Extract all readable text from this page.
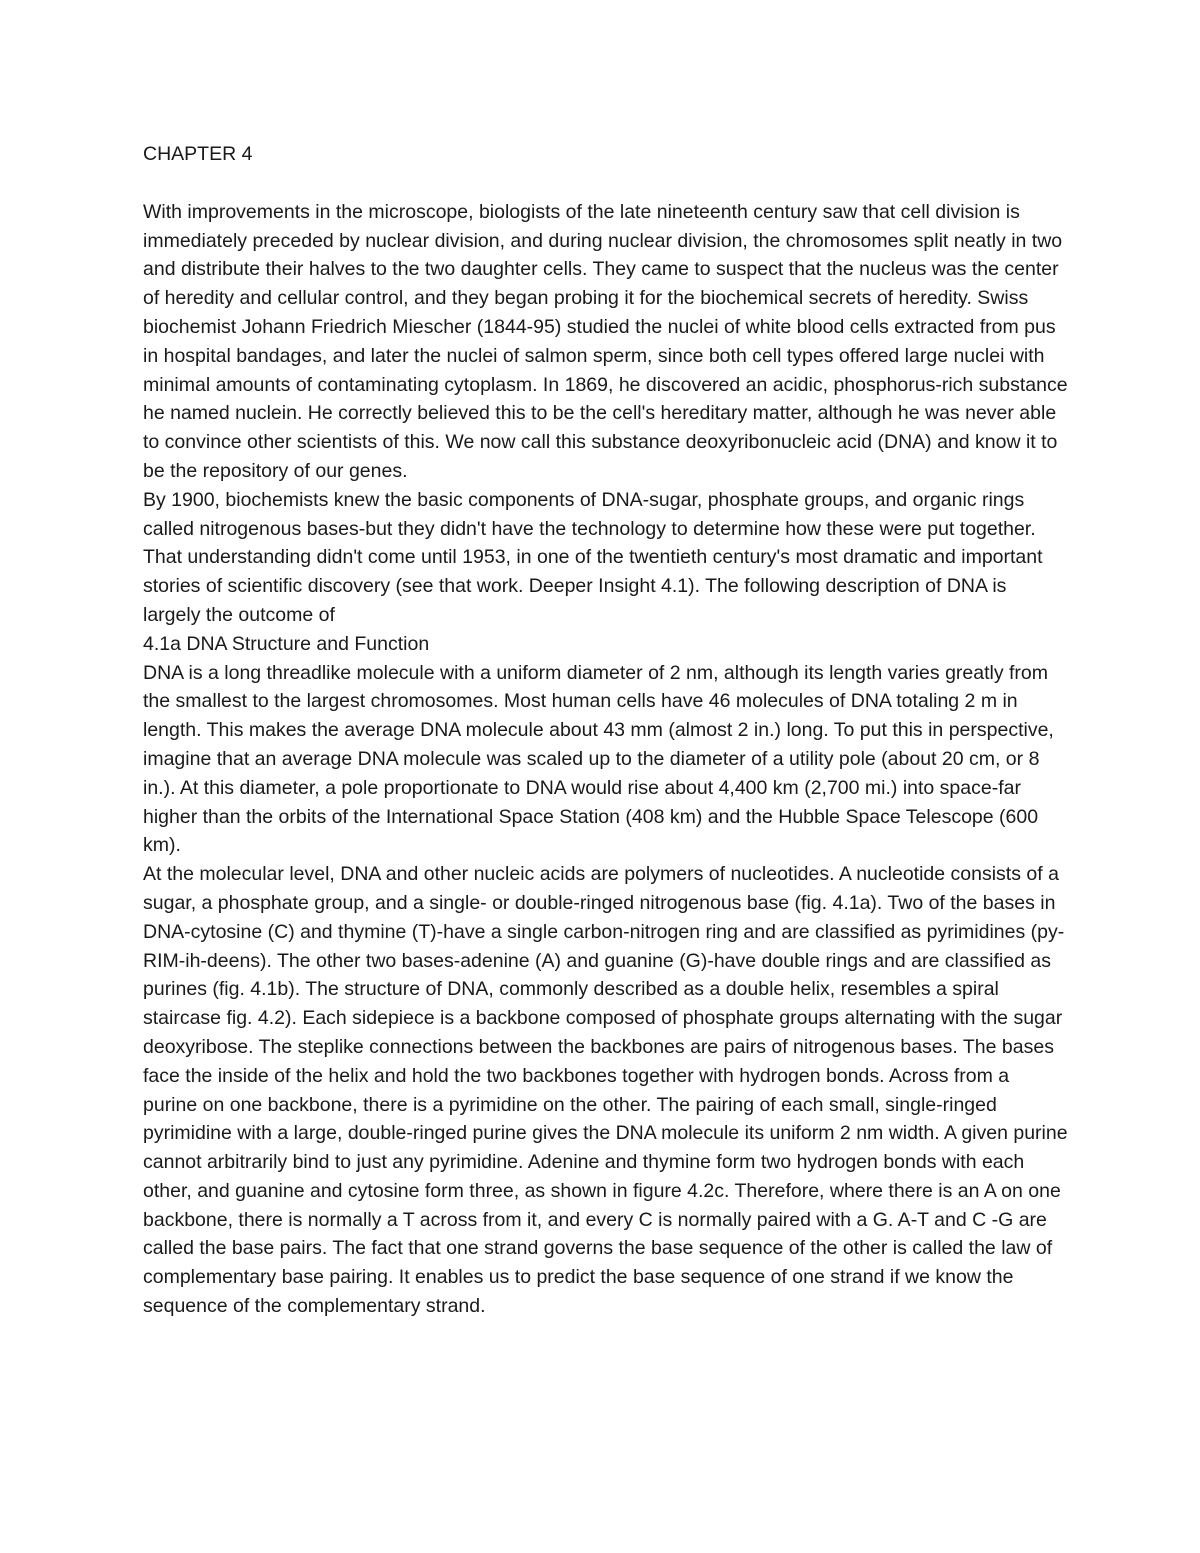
CHAPTER 4

With improvements in the microscope, biologists of the late nineteenth century saw that cell division is immediately preceded by nuclear division, and during nuclear division, the chromosomes split neatly in two and distribute their halves to the two daughter cells. They came to suspect that the nucleus was the center of heredity and cellular control, and they began probing it for the biochemical secrets of heredity. Swiss biochemist Johann Friedrich Miescher (1844-95) studied the nuclei of white blood cells extracted from pus in hospital bandages, and later the nuclei of salmon sperm, since both cell types offered large nuclei with minimal amounts of contaminating cytoplasm. In 1869, he discovered an acidic, phosphorus-rich substance he named nuclein. He correctly believed this to be the cell's hereditary matter, although he was never able to convince other scientists of this. We now call this substance deoxyribonucleic acid (DNA) and know it to be the repository of our genes.

By 1900, biochemists knew the basic components of DNA-sugar, phosphate groups, and organic rings called nitrogenous bases-but they didn't have the technology to determine how these were put together. That understanding didn't come until 1953, in one of the twentieth century's most dramatic and important stories of scientific discovery (see that work. Deeper Insight 4.1). The following description of DNA is largely the outcome of

4.1a DNA Structure and Function

DNA is a long threadlike molecule with a uniform diameter of 2 nm, although its length varies greatly from the smallest to the largest chromosomes. Most human cells have 46 molecules of DNA totaling 2 m in length. This makes the average DNA molecule about 43 mm (almost 2 in.) long. To put this in perspective, imagine that an average DNA molecule was scaled up to the diameter of a utility pole (about 20 cm, or 8 in.). At this diameter, a pole proportionate to DNA would rise about 4,400 km (2,700 mi.) into space-far higher than the orbits of the International Space Station (408 km) and the Hubble Space Telescope (600 km).

At the molecular level, DNA and other nucleic acids are polymers of nucleotides. A nucleotide consists of a sugar, a phosphate group, and a single- or double-ringed nitrogenous base (fig. 4.1a). Two of the bases in DNA-cytosine (C) and thymine (T)-have a single carbon-nitrogen ring and are classified as pyrimidines (py-RIM-ih-deens). The other two bases-adenine (A) and guanine (G)-have double rings and are classified as purines (fig. 4.1b). The structure of DNA, commonly described as a double helix, resembles a spiral staircase fig. 4.2). Each sidepiece is a backbone composed of phosphate groups alternating with the sugar deoxyribose. The steplike connections between the backbones are pairs of nitrogenous bases. The bases face the inside of the helix and hold the two backbones together with hydrogen bonds. Across from a purine on one backbone, there is a pyrimidine on the other. The pairing of each small, single-ringed pyrimidine with a large, double-ringed purine gives the DNA molecule its uniform 2 nm width. A given purine cannot arbitrarily bind to just any pyrimidine. Adenine and thymine form two hydrogen bonds with each other, and guanine and cytosine form three, as shown in figure 4.2c. Therefore, where there is an A on one backbone, there is normally a T across from it, and every C is normally paired with a G. A-T and C -G are called the base pairs. The fact that one strand governs the base sequence of the other is called the law of complementary base pairing. It enables us to predict the base sequence of one strand if we know the sequence of the complementary strand.
